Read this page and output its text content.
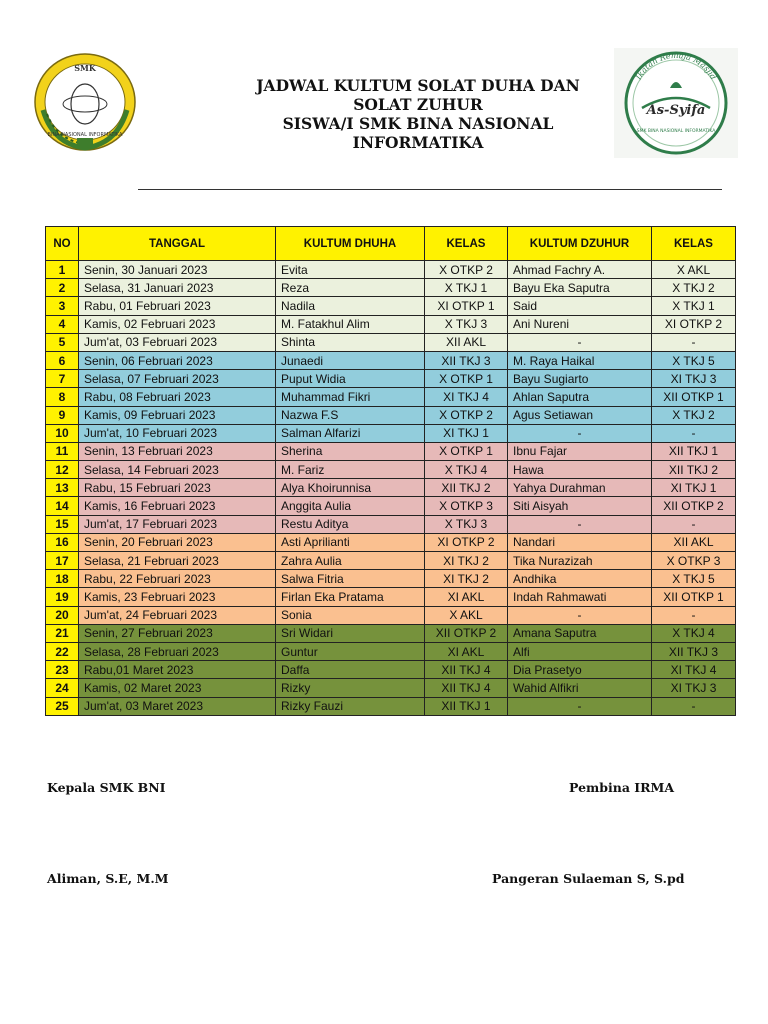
SMK
BINA NASIONAL INFORMATIKA
JADWAL KULTUM SOLAT DUHA DAN
SOLAT ZUHUR
SISWA/I SMK BINA NASIONAL
INFORMATIKA
Ikatan Remaja Masjid
As-Syifa
SMK BINA NASIONAL INFORMATIKA
NO	TANGGAL	KULTUM DHUHA	KELAS	KULTUM DZUHUR	KELAS
1	Senin, 30 Januari 2023	Evita	X OTKP 2	Ahmad Fachry A.	X AKL
2	Selasa, 31 Januari 2023	Reza	X TKJ 1	Bayu Eka Saputra	X TKJ 2
3	Rabu, 01 Februari 2023	Nadila	XI OTKP 1	Said	X TKJ 1
4	Kamis, 02 Februari 2023	M. Fatakhul Alim	X TKJ 3	Ani Nureni	XI OTKP 2
5	Jum'at, 03 Februari 2023	Shinta	XII AKL	-	-
6	Senin, 06 Februari 2023	Junaedi	XII TKJ 3	M. Raya Haikal	X TKJ 5
7	Selasa, 07 Februari 2023	Puput Widia	X OTKP 1	Bayu Sugiarto	XI TKJ 3
8	Rabu, 08 Februari 2023	Muhammad Fikri	XI TKJ 4	Ahlan Saputra	XII OTKP 1
9	Kamis, 09 Februari 2023	Nazwa F.S	X OTKP 2	Agus Setiawan	X TKJ 2
10	Jum'at, 10 Februari 2023	Salman Alfarizi	XI TKJ 1	-	-
11	Senin, 13 Februari 2023	Sherina	X OTKP 1	Ibnu Fajar	XII TKJ 1
12	Selasa, 14 Februari 2023	M. Fariz	X TKJ 4	Hawa	XII TKJ 2
13	Rabu, 15 Februari 2023	Alya Khoirunnisa	XII TKJ 2	Yahya Durahman	XI TKJ 1
14	Kamis, 16 Februari 2023	Anggita Aulia	X OTKP 3	Siti Aisyah	XII OTKP 2
15	Jum'at, 17 Februari 2023	Restu Aditya	X TKJ 3	-	-
16	Senin, 20 Februari 2023	Asti Aprilianti	XI OTKP 2	Nandari	XII AKL
17	Selasa, 21 Februari 2023	Zahra Aulia	XI TKJ 2	Tika Nurazizah	X OTKP 3
18	Rabu, 22 Februari 2023	Salwa Fitria	XI TKJ 2	Andhika	X TKJ 5
19	Kamis, 23 Februari 2023	Firlan Eka Pratama	XI AKL	Indah Rahmawati	XII OTKP 1
20	Jum'at, 24 Februari 2023	Sonia	X AKL	-	-
21	Senin, 27 Februari 2023	Sri Widari	XII OTKP 2	Amana Saputra	X TKJ 4
22	Selasa, 28 Februari 2023	Guntur	XI AKL	Alfi	XII TKJ 3
23	Rabu,01 Maret 2023	Daffa	XII TKJ 4	Dia Prasetyo	XI TKJ 4
24	Kamis, 02 Maret 2023	Rizky	XII TKJ 4	Wahid Alfikri	XI TKJ 3
25	Jum'at, 03 Maret 2023	Rizky Fauzi	XII TKJ 1	-	-
Kepala SMK BNI	Pembina IRMA
Aliman, S.E, M.M	Pangeran Sulaeman S, S.pd
